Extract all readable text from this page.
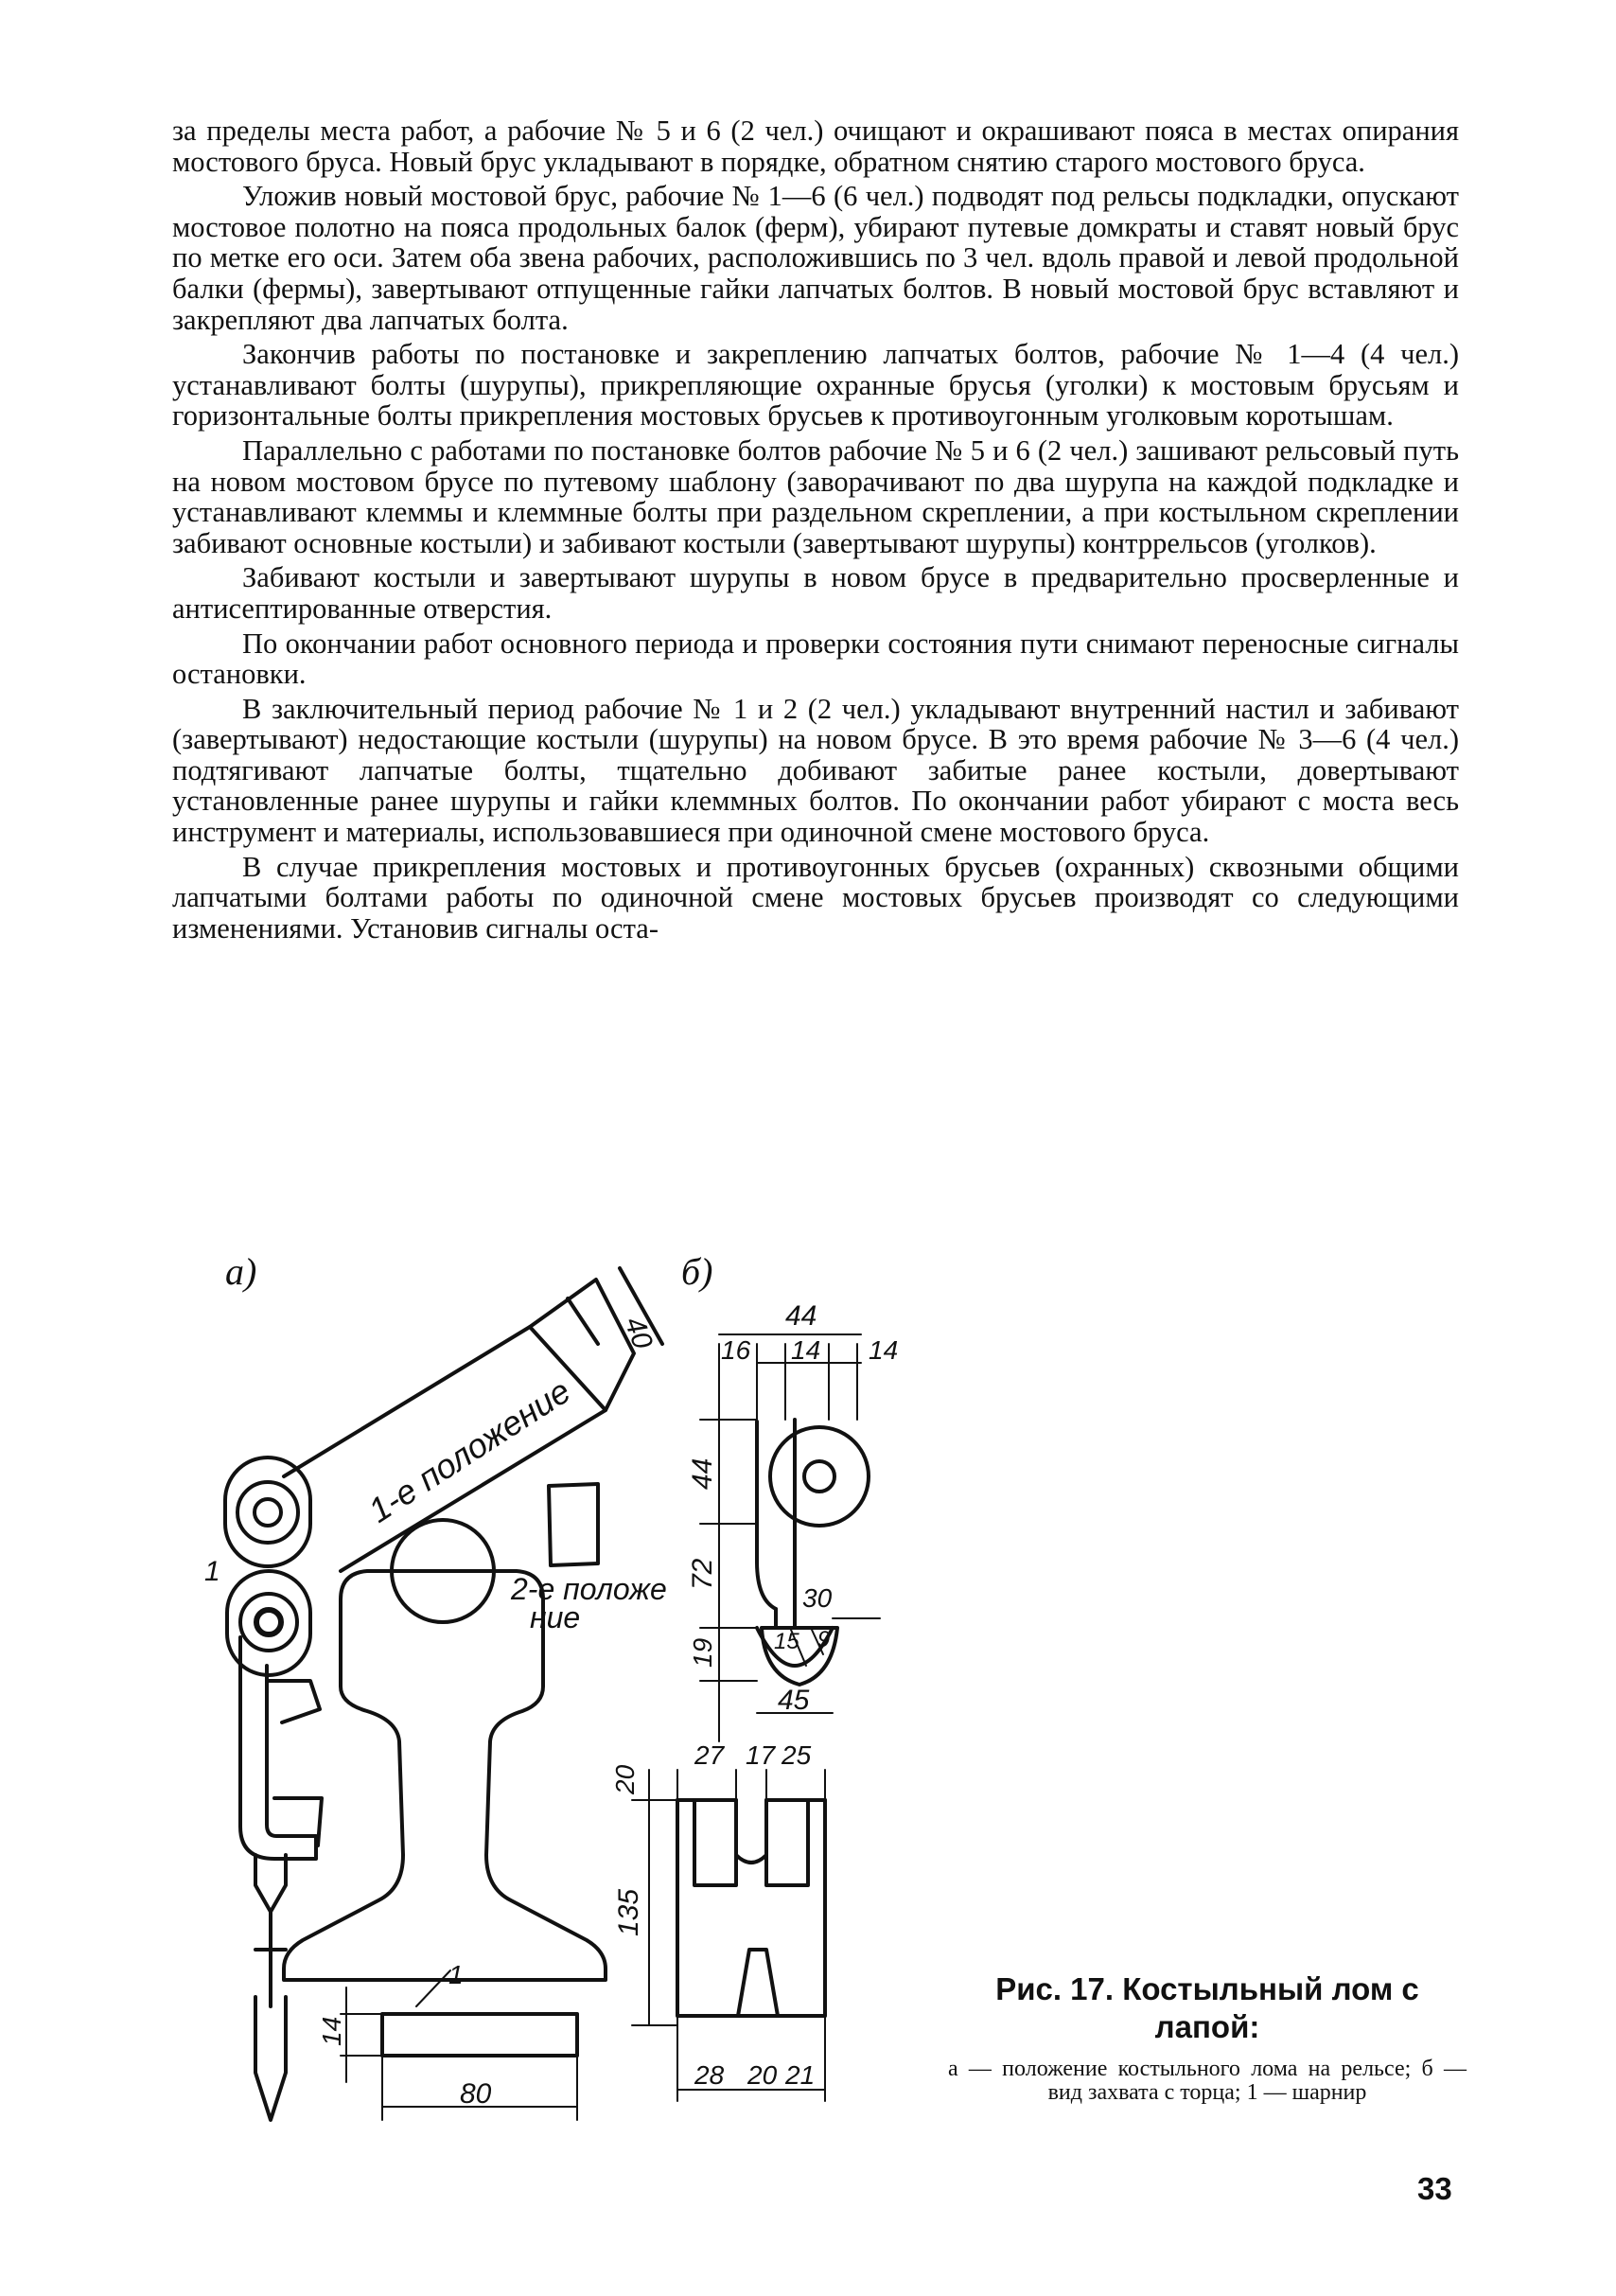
за пределы места работ, а рабочие № 5 и 6 (2 чел.) очищают и окрашивают пояса в местах опирания мостового бруса. Новый брус укладывают в порядке, обратном снятию старого мостового бруса.

Уложив новый мостовой брус, рабочие № 1—6 (6 чел.) подводят под рельсы подкладки, опускают мостовое полотно на пояса продольных балок (ферм), убирают путевые домкраты и ставят новый брус по метке его оси. Затем оба звена рабочих, расположившись по 3 чел. вдоль правой и левой продольной балки (фермы), завертывают отпущенные гайки лапчатых болтов. В новый мостовой брус вставляют и закрепляют два лапчатых болта.

Закончив работы по постановке и закреплению лапчатых болтов, рабочие № 1—4 (4 чел.) устанавливают болты (шурупы), прикрепляющие охранные брусья (уголки) к мостовым брусьям и горизонтальные болты прикрепления мостовых брусьев к противоугонным уголковым коротышам.

Параллельно с работами по постановке болтов рабочие № 5 и 6 (2 чел.) зашивают рельсовый путь на новом мостовом брусе по путевому шаблону (заворачивают по два шурупа на каждой подкладке и устанавливают клеммы и клеммные болты при раздельном скреплении, а при костыльном скреплении забивают основные костыли) и забивают костыли (завертывают шурупы) контррельсов (уголков).

Забивают костыли и завертывают шурупы в новом брусе в предварительно просверленные и антисептированные отверстия.

По окончании работ основного периода и проверки состояния пути снимают переносные сигналы остановки.

В заключительный период рабочие № 1 и 2 (2 чел.) укладывают внутренний настил и забивают (завертывают) недостающие костыли (шурупы) на новом брусе. В это время рабочие № 3—6 (4 чел.) подтягивают лапчатые болты, тщательно добивают забитые ранее костыли, довертывают установленные ранее шурупы и гайки клеммных болтов. По окончании работ убирают с моста весь инструмент и материалы, использовавшиеся при одиночной смене мостового бруса.

В случае прикрепления мостовых и противоугонных брусьев (охранных) сквозными общими лапчатыми болтами работы по одиночной смене мостовых брусьев производят со следующими изменениями. Установив сигналы оста-

а)	б)
1-е положение
2-е положе
ние
1
40	44
16 14 14
44
72
30
15 9
19
45
27 17 25
20
135
28 20 21
14
80
1	Рис. 17. Костыльный лом с лапой:

а — положение костыльного лома на рельсе; б — вид захвата с торца; 1 — шарнир

33
